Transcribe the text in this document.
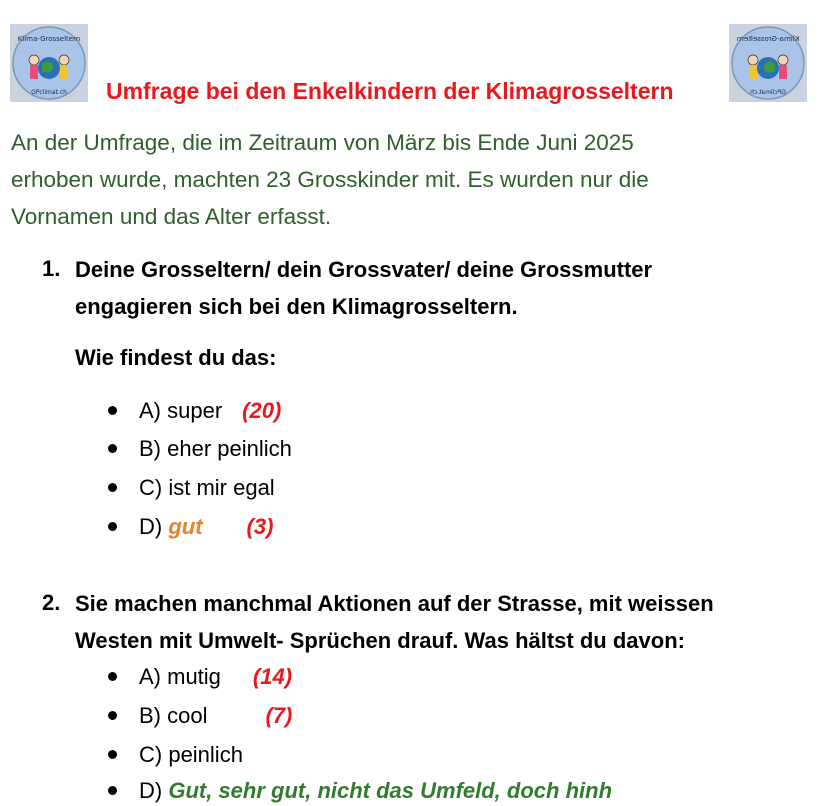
Klima-Grosseltern
GPclimat.ch
Klima-Grosseltern
GPclimat.ch
Umfrage bei den Enkelkindern der Klimagrosseltern
An der Umfrage, die im Zeitraum von März bis Ende Juni 2025
erhoben wurde, machten 23 Grosskinder mit. Es wurden nur die
Vornamen und das Alter erfasst.
1. Deine Grosseltern/ dein Grossvater/ deine Grossmutter
engagieren sich bei den Klimagrosseltern.
Wie findest du das:
A) super (20)
B) eher peinlich
C) ist mir egal
D) gut (3)
2. Sie machen manchmal Aktionen auf der Strasse, mit weissen
Westen mit Umwelt- Sprüchen drauf. Was hältst du davon:
A) mutig (14)
B) cool	(7)
C) peinlich
D) Gut, sehr gut, nicht das Umfeld, doch hinh
